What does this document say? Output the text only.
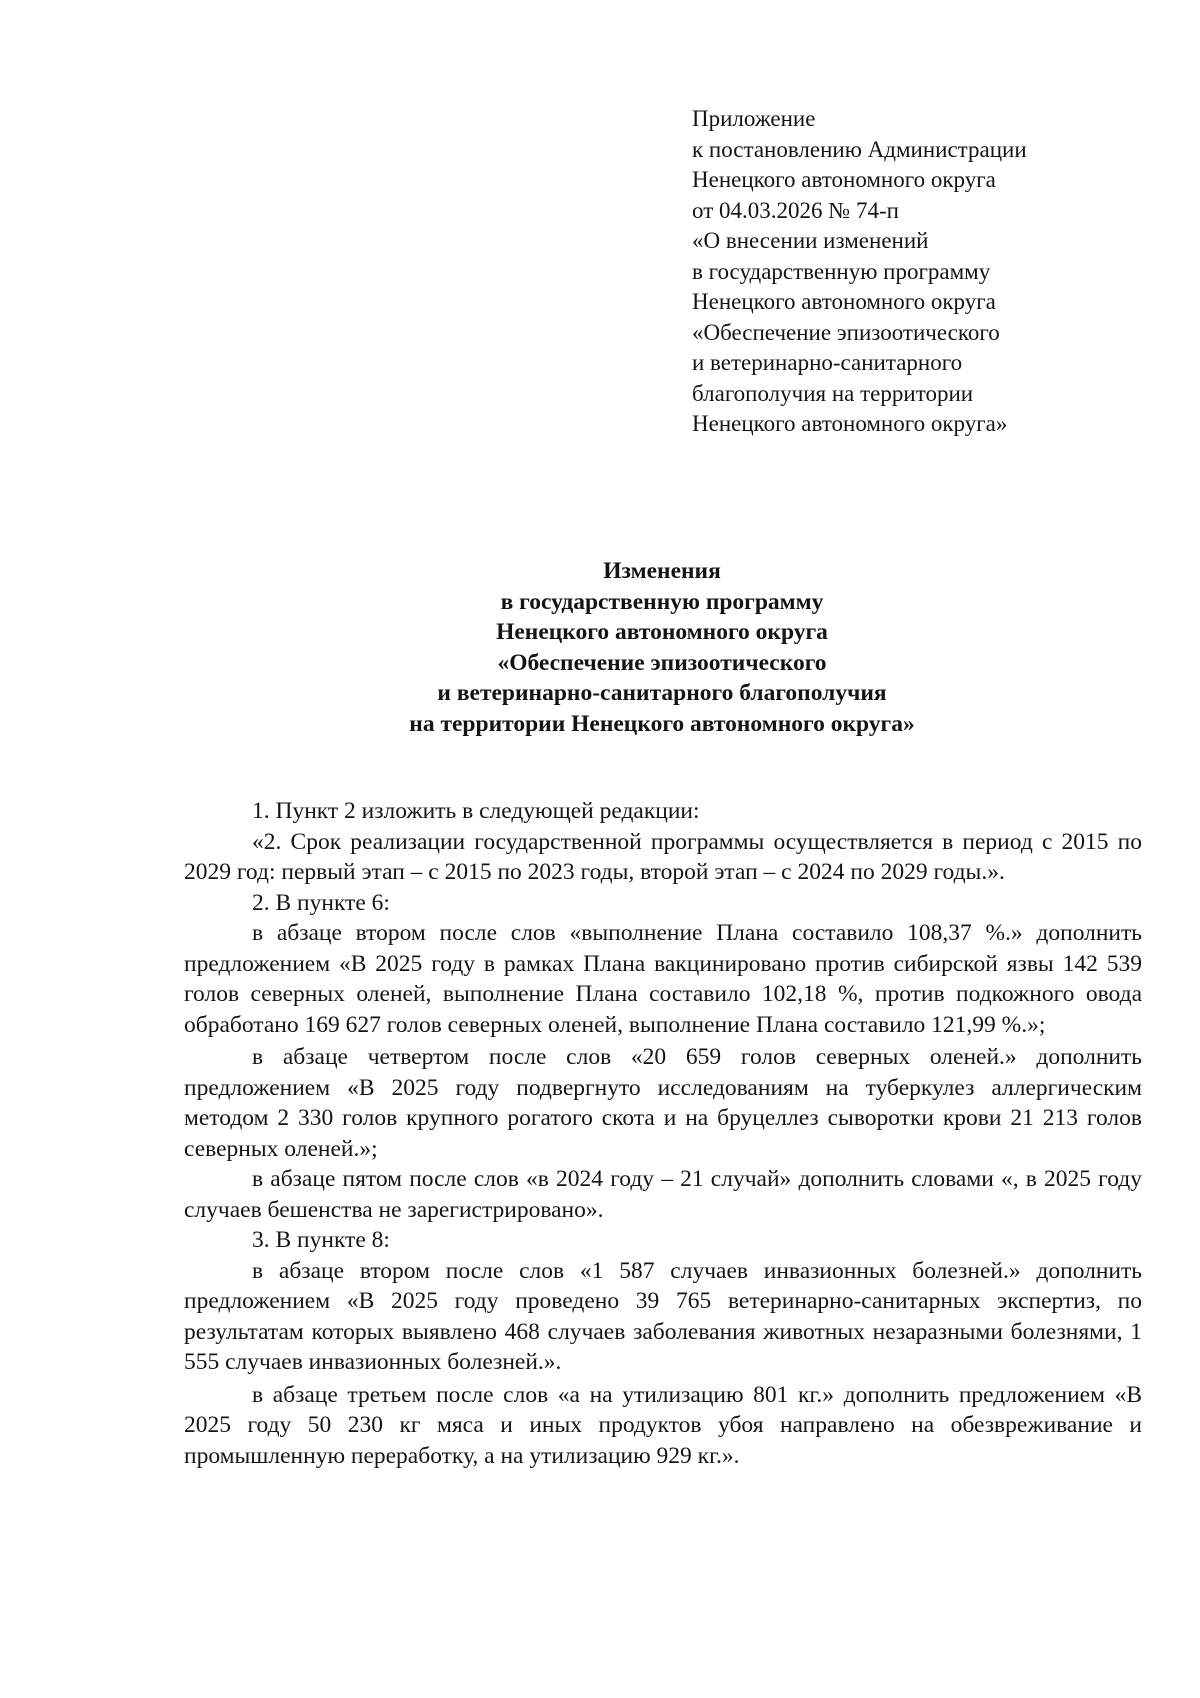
Приложение
к постановлению Администрации
Ненецкого автономного округа
от 04.03.2026 № 74-п
«О внесении изменений
в государственную программу
Ненецкого автономного округа
«Обеспечение эпизоотического
и ветеринарно-санитарного
благополучия на территории
Ненецкого автономного округа»
Изменения
в государственную программу
Ненецкого автономного округа
«Обеспечение эпизоотического
и ветеринарно-санитарного благополучия
на территории Ненецкого автономного округа»

1. Пункт 2 изложить в следующей редакции:

«2. Срок реализации государственной программы осуществляется в период с 2015 по 2029 год: первый этап – с 2015 по 2023 годы, второй этап – с 2024 по 2029 годы.».

2. В пункте 6:

в абзаце втором после слов «выполнение Плана составило 108,37 %.» дополнить предложением «В 2025 году в рамках Плана вакцинировано против сибирской язвы 142 539 голов северных оленей, выполнение Плана составило 102,18 %, против подкожного овода обработано 169 627 голов северных оленей, выполнение Плана составило 121,99 %.»;

в абзаце четвертом после слов «20 659 голов северных оленей.» дополнить предложением «В 2025 году подвергнуто исследованиям на туберкулез аллергическим методом 2 330 голов крупного рогатого скота и на бруцеллез сыворотки крови 21 213 голов северных оленей.»;

в абзаце пятом после слов «в 2024 году – 21 случай» дополнить словами «, в 2025 году случаев бешенства не зарегистрировано».

3. В пункте 8:

в абзаце втором после слов «1 587 случаев инвазионных болезней.» дополнить предложением «В 2025 году проведено 39 765 ветеринарно-санитарных экспертиз, по результатам которых выявлено 468 случаев заболевания животных незаразными болезнями, 1 555 случаев инвазионных болезней.».

в абзаце третьем после слов «а на утилизацию 801 кг.» дополнить предложением «В 2025 году 50 230 кг мяса и иных продуктов убоя направлено на обезвреживание и промышленную переработку, а на утилизацию 929 кг.».
